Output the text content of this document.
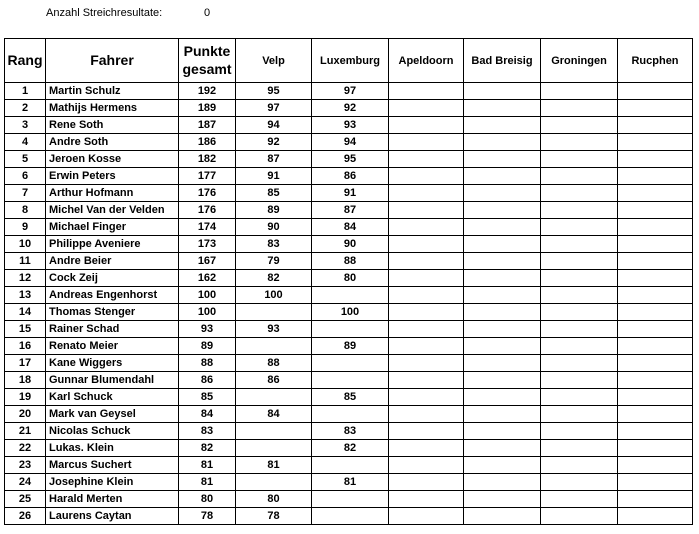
Anzahl Streichresultate:	0
Rang	Fahrer	Punkte gesamt	Velp	Luxemburg	Apeldoorn	Bad Breisig	Groningen	Rucphen
1	Martin Schulz	192	95	97				
2	Mathijs Hermens	189	97	92				
3	Rene Soth	187	94	93				
4	Andre Soth	186	92	94				
5	Jeroen Kosse	182	87	95				
6	Erwin Peters	177	91	86				
7	Arthur Hofmann	176	85	91				
8	Michel Van der Velden	176	89	87				
9	Michael Finger	174	90	84				
10	Philippe Aveniere	173	83	90				
11	Andre Beier	167	79	88				
12	Cock Zeij	162	82	80				
13	Andreas Engenhorst	100	100					
14	Thomas Stenger	100		100				
15	Rainer Schad	93	93					
16	Renato Meier	89		89				
17	Kane Wiggers	88	88					
18	Gunnar Blumendahl	86	86					
19	Karl Schuck	85		85				
20	Mark van Geysel	84	84					
21	Nicolas Schuck	83		83				
22	Lukas. Klein	82		82				
23	Marcus Suchert	81	81					
24	Josephine Klein	81		81				
25	Harald Merten	80	80					
26	Laurens Caytan	78	78					
